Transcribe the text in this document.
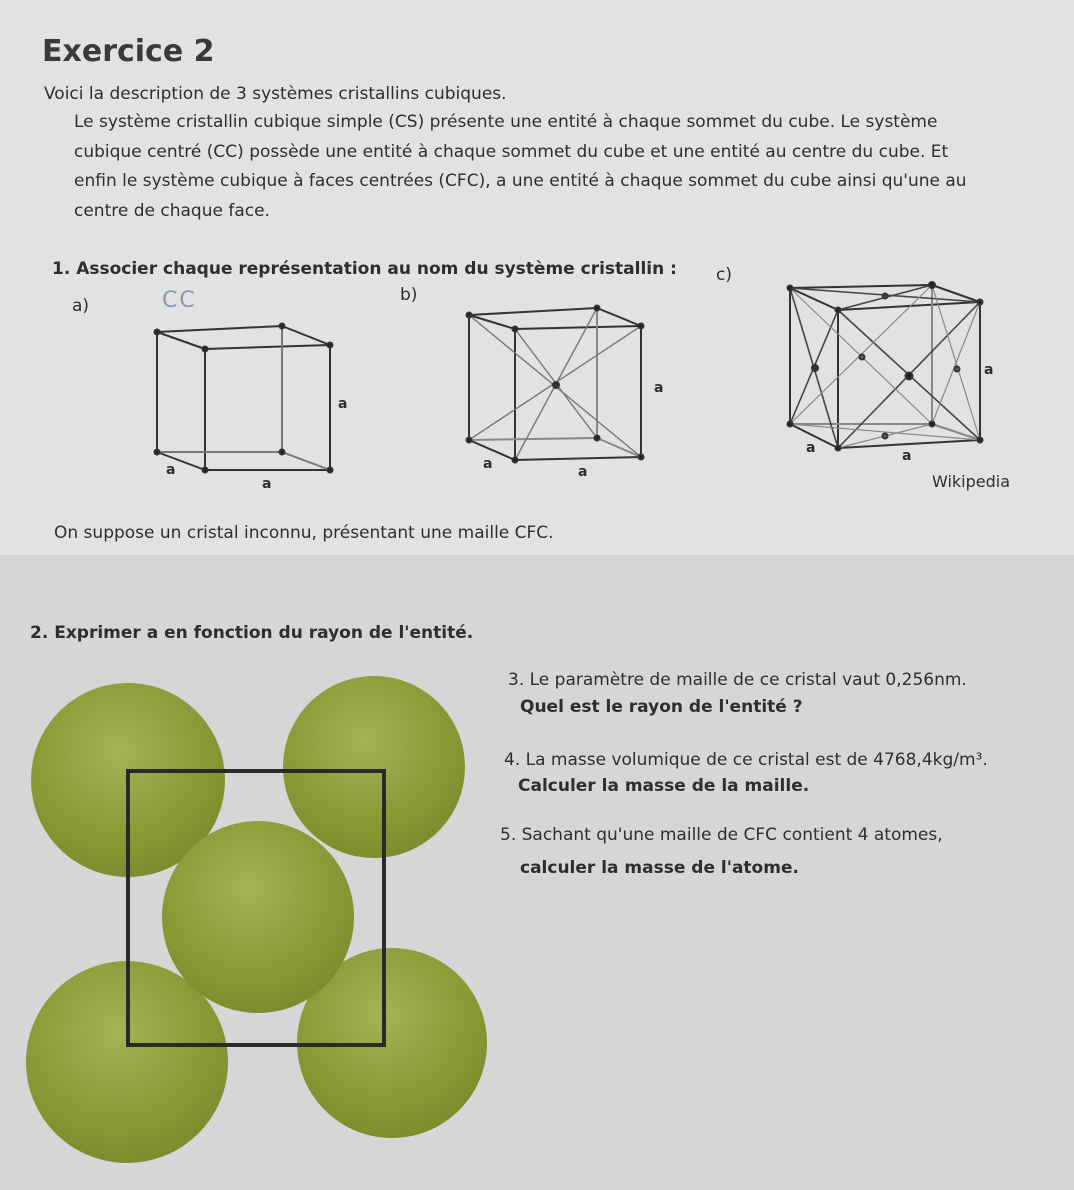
Exercice 2
Voici la description de 3 systèmes cristallins cubiques.
Le système cristallin cubique simple (CS) présente une entité à chaque sommet du cube. Le système
cubique centré (CC) possède une entité à chaque sommet du cube et une entité au centre du cube. Et
enfin le système cubique à faces centrées (CFC), a une entité à chaque sommet du cube ainsi qu'une au
centre de chaque face.
1. Associer chaque représentation au nom du système cristallin :
a)	CC	b)
c)
a
a
a
a
a	a
a
a	a
Wikipedia
On suppose un cristal inconnu, présentant une maille CFC.
2. Exprimer a en fonction du rayon de l'entité.
3. Le paramètre de maille de ce cristal vaut 0,256nm.
Quel est le rayon de l'entité ?
4. La masse volumique de ce cristal est de 4768,4kg/m³.
Calculer la masse de la maille.
5. Sachant qu'une maille de CFC contient 4 atomes,
calculer la masse de l'atome.
